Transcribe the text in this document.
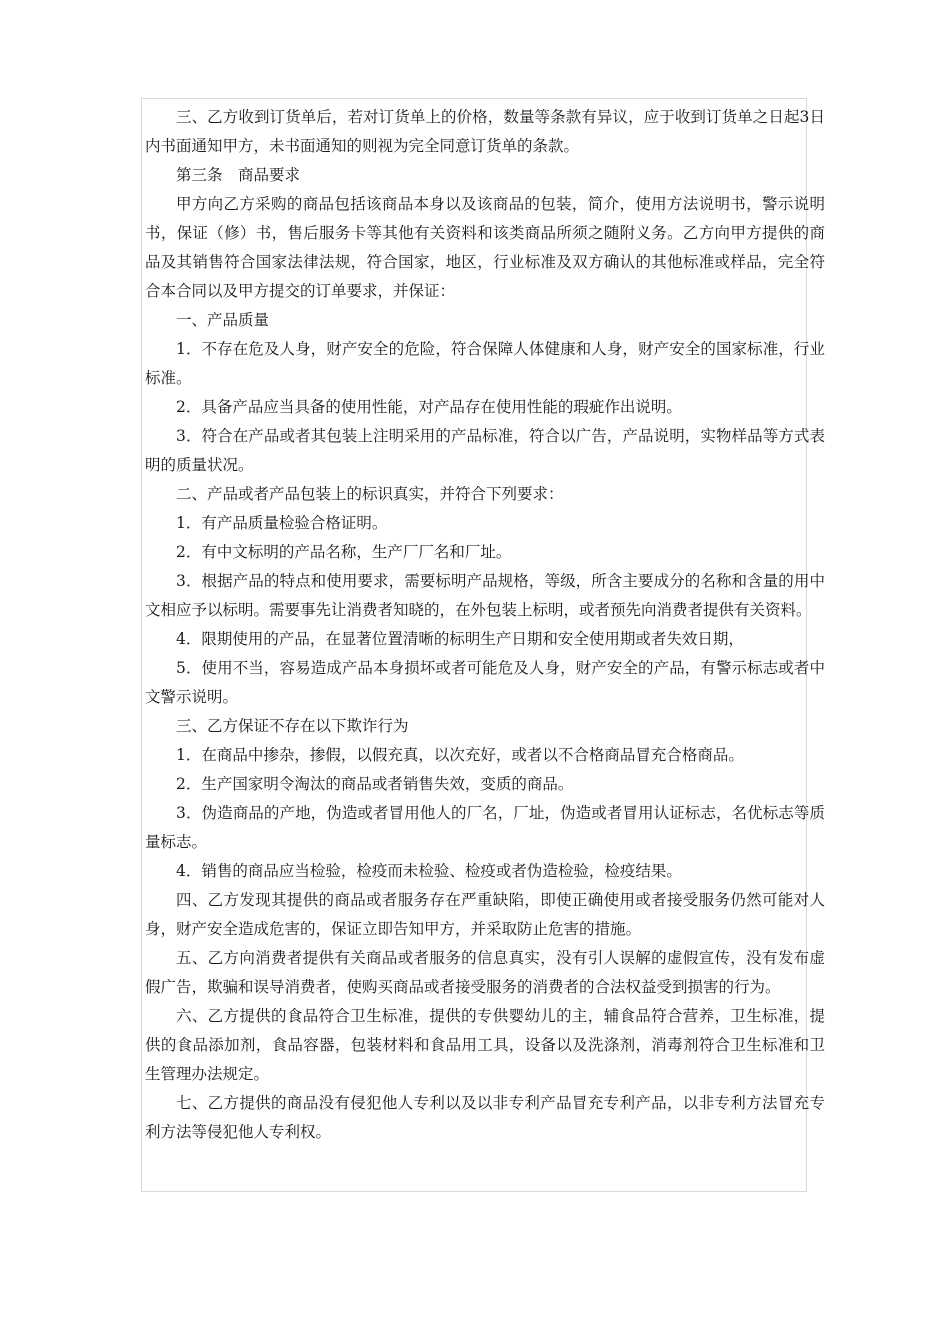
三、乙方收到订货单后，若对订货单上的价格，数量等条款有异议，应于收到订货单之日起3日内书面通知甲方，未书面通知的则视为完全同意订货单的条款。

第三条　商品要求

甲方向乙方采购的商品包括该商品本身以及该商品的包装，简介，使用方法说明书，警示说明书，保证（修）书，售后服务卡等其他有关资料和该类商品所须之随附义务。乙方向甲方提供的商品及其销售符合国家法律法规，符合国家，地区，行业标准及双方确认的其他标准或样品，完全符合本合同以及甲方提交的订单要求，并保证：

一、产品质量

1．不存在危及人身，财产安全的危险，符合保障人体健康和人身，财产安全的国家标准，行业标准。

2．具备产品应当具备的使用性能，对产品存在使用性能的瑕疵作出说明。

3．符合在产品或者其包装上注明采用的产品标准，符合以广告，产品说明，实物样品等方式表明的质量状况。

二、产品或者产品包装上的标识真实，并符合下列要求：

1．有产品质量检验合格证明。

2．有中文标明的产品名称，生产厂厂名和厂址。

3．根据产品的特点和使用要求，需要标明产品规格，等级，所含主要成分的名称和含量的用中文相应予以标明。需要事先让消费者知晓的，在外包装上标明，或者预先向消费者提供有关资料。

4．限期使用的产品，在显著位置清晰的标明生产日期和安全使用期或者失效日期，

5．使用不当，容易造成产品本身损坏或者可能危及人身，财产安全的产品，有警示标志或者中文警示说明。

三、乙方保证不存在以下欺诈行为

1．在商品中掺杂，掺假，以假充真，以次充好，或者以不合格商品冒充合格商品。

2．生产国家明令淘汰的商品或者销售失效，变质的商品。

3．伪造商品的产地，伪造或者冒用他人的厂名，厂址，伪造或者冒用认证标志，名优标志等质量标志。

4．销售的商品应当检验，检疫而未检验、检疫或者伪造检验，检疫结果。

四、乙方发现其提供的商品或者服务存在严重缺陷，即使正确使用或者接受服务仍然可能对人身，财产安全造成危害的，保证立即告知甲方，并采取防止危害的措施。

五、乙方向消费者提供有关商品或者服务的信息真实，没有引人误解的虚假宣传，没有发布虚假广告，欺骗和误导消费者，使购买商品或者接受服务的消费者的合法权益受到损害的行为。

六、乙方提供的食品符合卫生标准，提供的专供婴幼儿的主，辅食品符合营养，卫生标准，提供的食品添加剂，食品容器，包装材料和食品用工具，设备以及洗涤剂，消毒剂符合卫生标准和卫生管理办法规定。

七、乙方提供的商品没有侵犯他人专利以及以非专利产品冒充专利产品，以非专利方法冒充专利方法等侵犯他人专利权。
